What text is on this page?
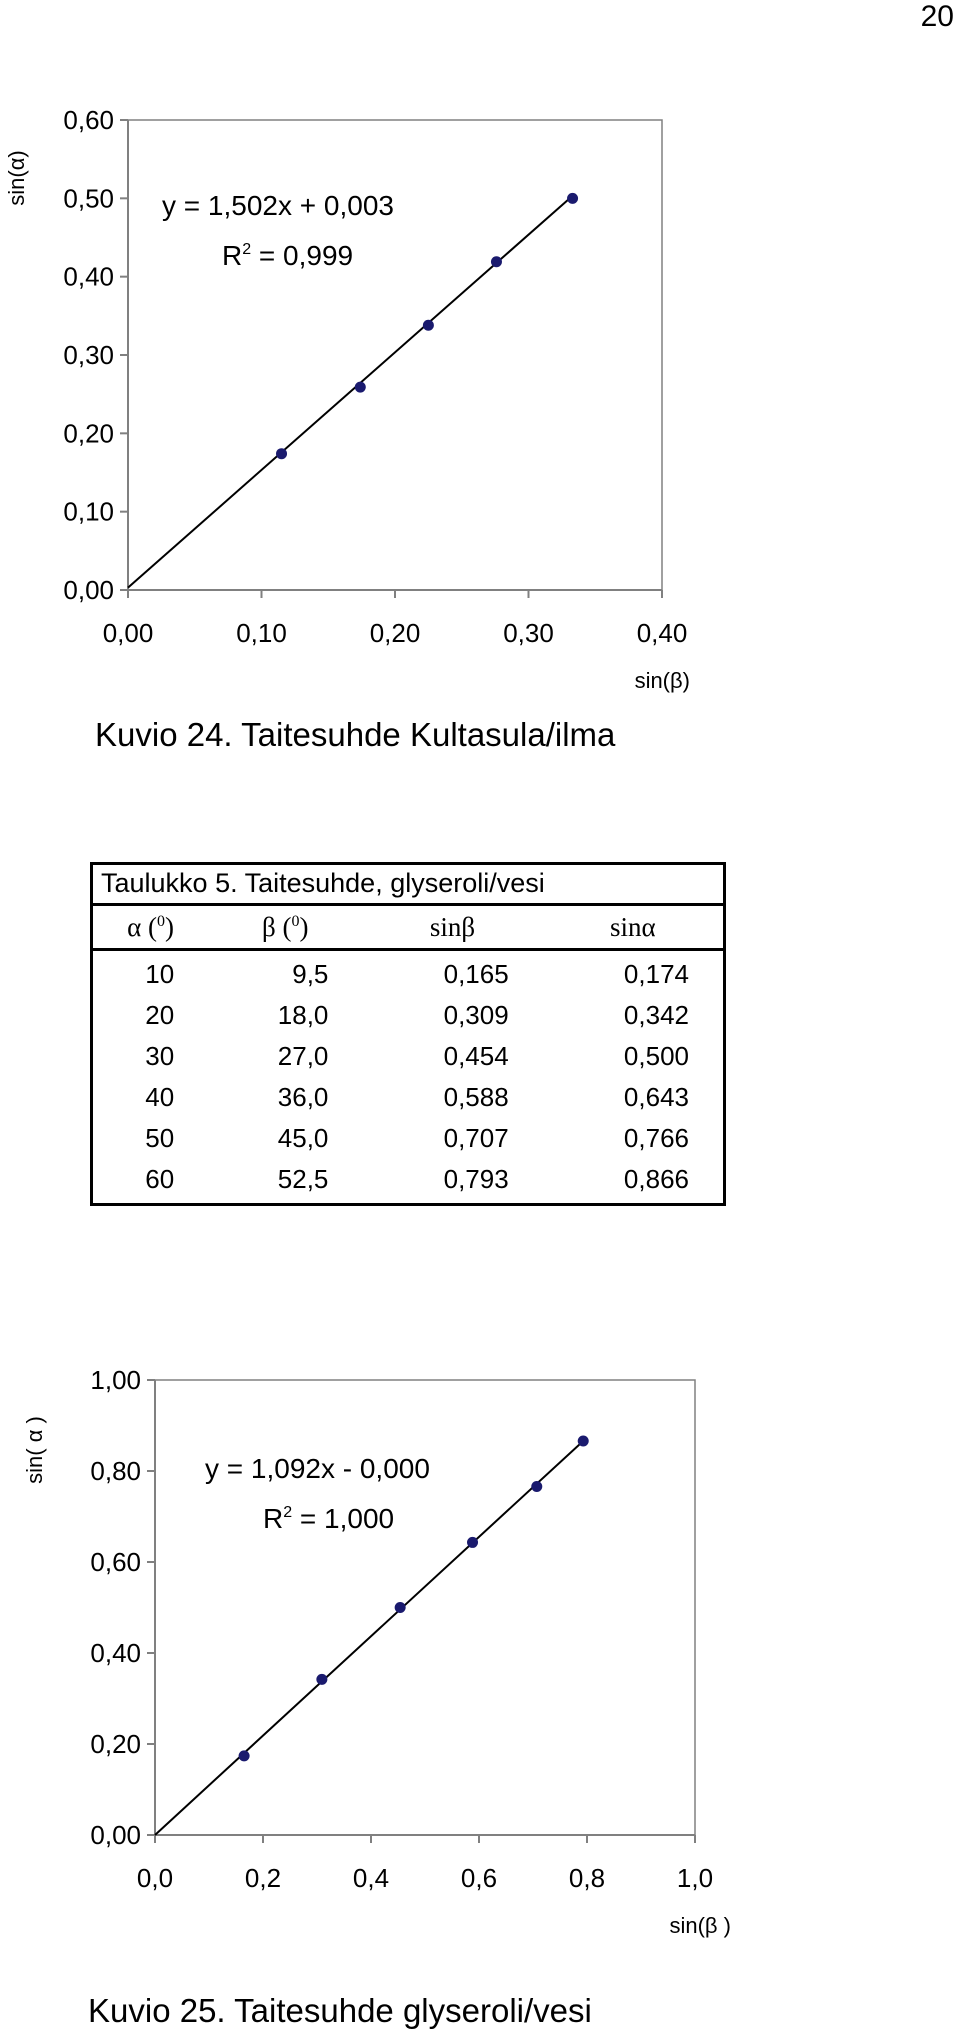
20
0,00
0,10
0,20
0,30
0,40
0,50
0,60
0,00	0,10	0,20	0,30	0,40
y = 1,502x + 0,003
$R^2 = 0,999$
sin(β)
sin(α)
Kuvio 24. Taitesuhde Kultasula/ilma
Taulukko 5. Taitesuhde, glyseroli/vesi
α ($^0$)	β ($^0$)	sinβ	sinα
10	9,5	0,165	0,174
20	18,0	0,309	0,342
30	27,0	0,454	0,500
40	36,0	0,588	0,643
50	45,0	0,707	0,766
60	52,5	0,793	0,866
0,00
0,20
0,40
0,60
0,80
1,00
0,0	0,2	0,4	0,6	0,8	1,0
y = 1,092x - 0,000
$R^2 = 1,000$
sin(β )
sin( α )
Kuvio 25. Taitesuhde glyseroli/vesi
